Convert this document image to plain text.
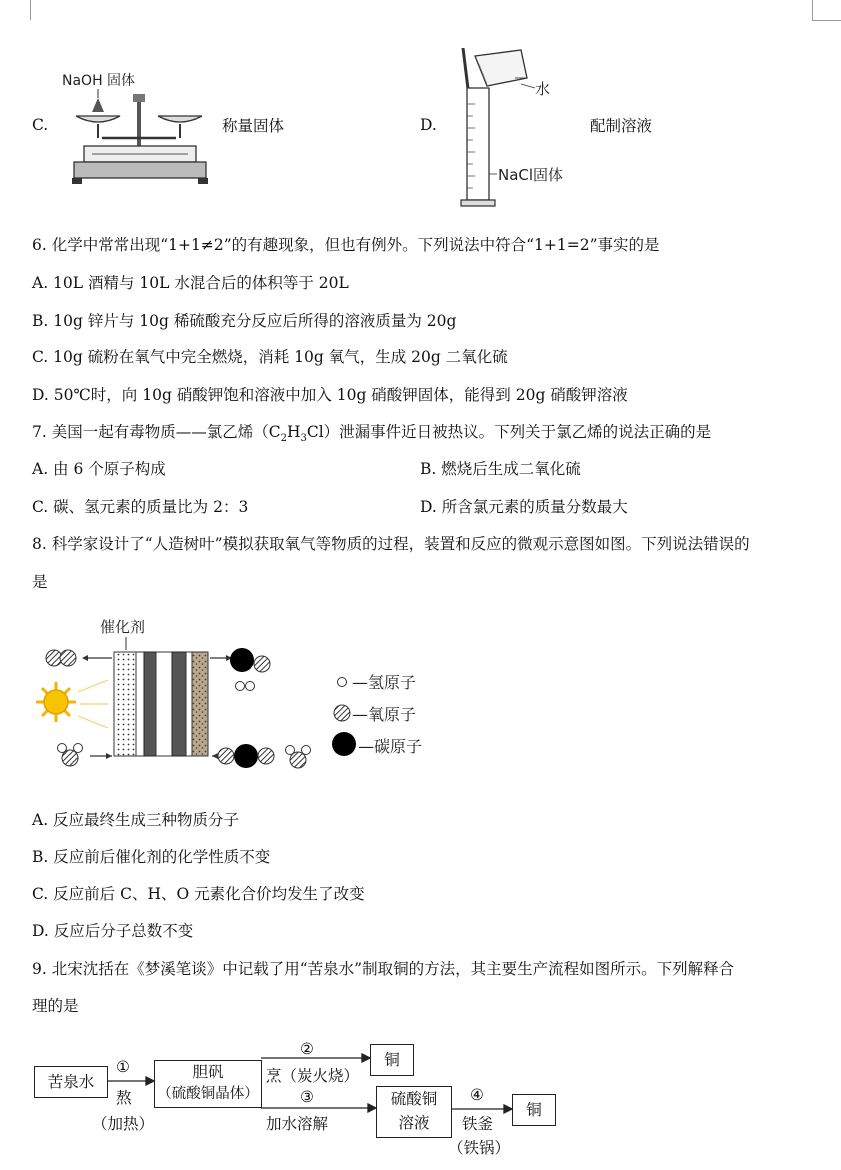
C.
NaOH 固体
称量固体	D.
水
NaCl固体
配制溶液
6. 化学中常常出现“1+1≠2”的有趣现象，但也有例外。下列说法中符合“1+1=2”事实的是
A. 10L 酒精与 10L 水混合后的体积等于 20L
B. 10g 锌片与 10g 稀硫酸充分反应后所得的溶液质量为 20g
C. 10g 硫粉在氧气中完全燃烧，消耗 10g 氧气，生成 20g 二氧化硫
D. 50℃时，向 10g 硝酸钾饱和溶液中加入 10g 硝酸钾固体，能得到 20g 硝酸钾溶液
7. 美国一起有毒物质——氯乙烯$(C_2H_3Cl)$泄漏事件近日被热议。下列关于氯乙烯的说法正确的是
A. 由 6 个原子构成	B. 燃烧后生成二氧化硫
C. 碳、氢元素的质量比为 2：3	D. 所含氯元素的质量分数最大
8. 科学家设计了“人造树叶”模拟获取氧气等物质的过程，装置和反应的微观示意图如图。下列说法错误的
是
催化剂
—氢原子
—氧原子
—碳原子
A. 反应最终生成三种物质分子
B. 反应前后催化剂的化学性质不变
C. 反应前后 C、H、O 元素化合价均发生了改变
D. 反应后分子总数不变
9. 北宋沈括在《梦溪笔谈》中记载了用“苦泉水”制取铜的方法，其主要生产流程如图所示。下列解释合
理的是
苦泉水
胆矾
（硫酸铜晶体）
铜
硫酸铜
溶液
铜
①
熬
（加热）
②
烹（炭火烧）
③
加水溶解
④
铁釜
（铁锅）
